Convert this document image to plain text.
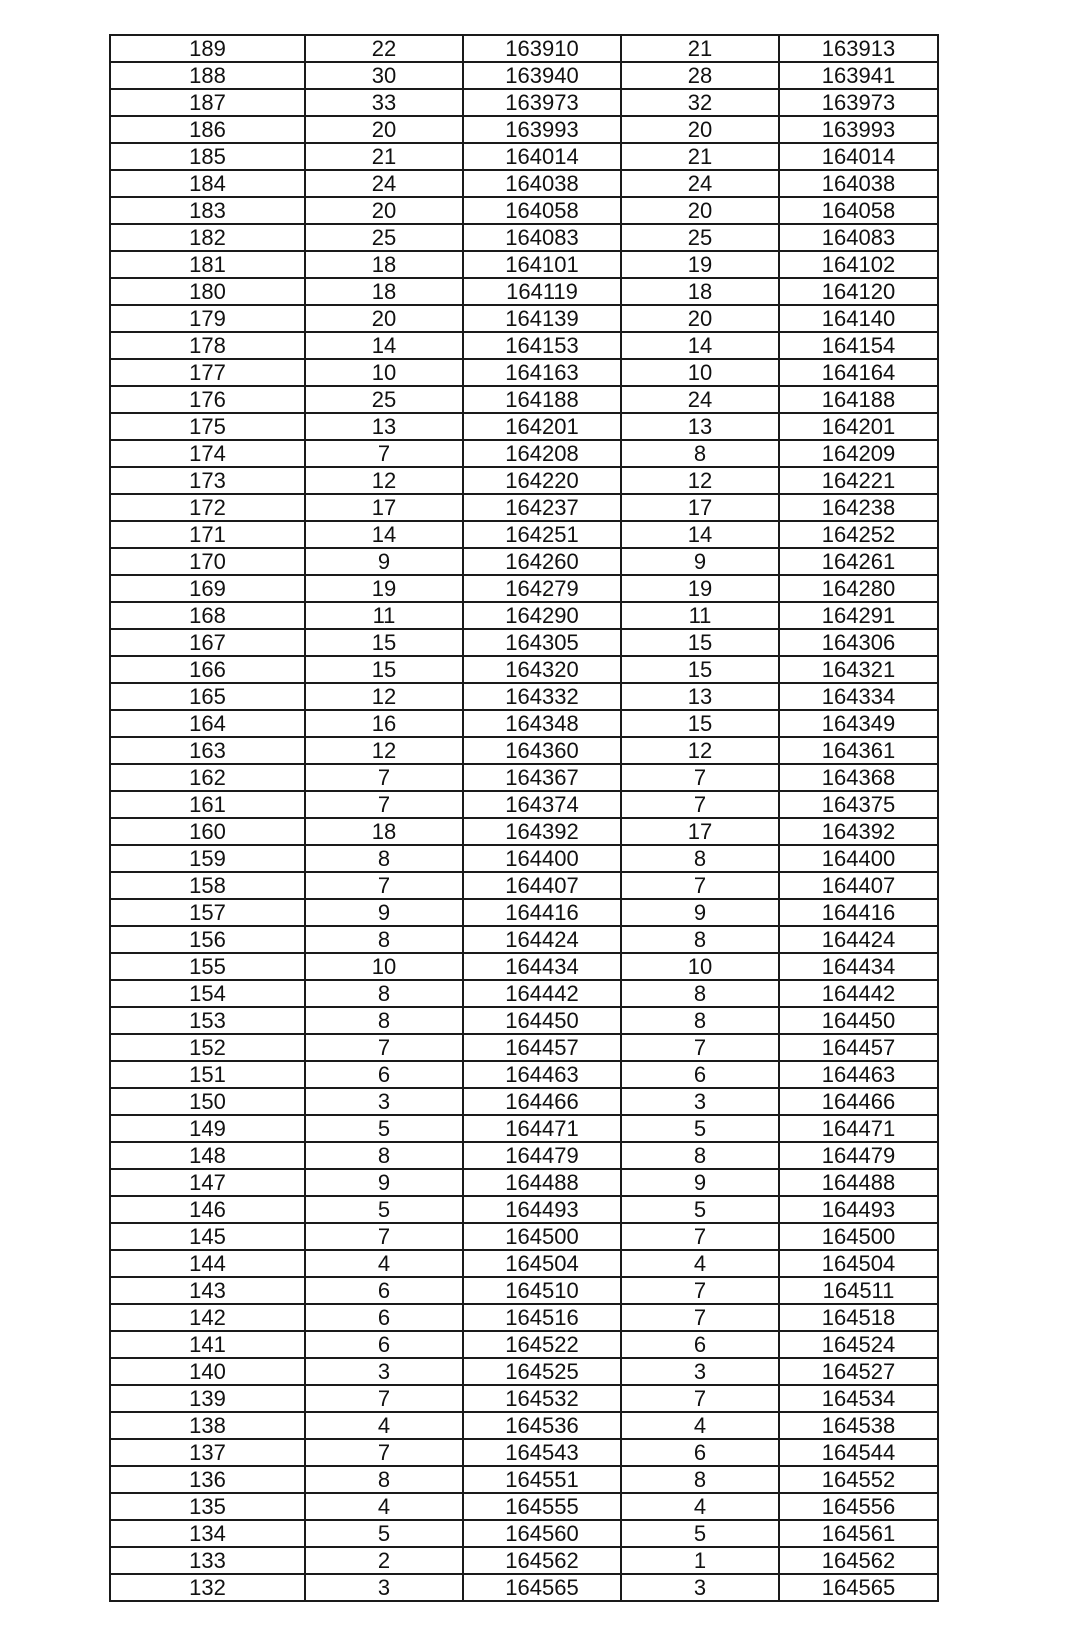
189	22	163910	21	163913
188	30	163940	28	163941
187	33	163973	32	163973
186	20	163993	20	163993
185	21	164014	21	164014
184	24	164038	24	164038
183	20	164058	20	164058
182	25	164083	25	164083
181	18	164101	19	164102
180	18	164119	18	164120
179	20	164139	20	164140
178	14	164153	14	164154
177	10	164163	10	164164
176	25	164188	24	164188
175	13	164201	13	164201
174	7	164208	8	164209
173	12	164220	12	164221
172	17	164237	17	164238
171	14	164251	14	164252
170	9	164260	9	164261
169	19	164279	19	164280
168	11	164290	11	164291
167	15	164305	15	164306
166	15	164320	15	164321
165	12	164332	13	164334
164	16	164348	15	164349
163	12	164360	12	164361
162	7	164367	7	164368
161	7	164374	7	164375
160	18	164392	17	164392
159	8	164400	8	164400
158	7	164407	7	164407
157	9	164416	9	164416
156	8	164424	8	164424
155	10	164434	10	164434
154	8	164442	8	164442
153	8	164450	8	164450
152	7	164457	7	164457
151	6	164463	6	164463
150	3	164466	3	164466
149	5	164471	5	164471
148	8	164479	8	164479
147	9	164488	9	164488
146	5	164493	5	164493
145	7	164500	7	164500
144	4	164504	4	164504
143	6	164510	7	164511
142	6	164516	7	164518
141	6	164522	6	164524
140	3	164525	3	164527
139	7	164532	7	164534
138	4	164536	4	164538
137	7	164543	6	164544
136	8	164551	8	164552
135	4	164555	4	164556
134	5	164560	5	164561
133	2	164562	1	164562
132	3	164565	3	164565
